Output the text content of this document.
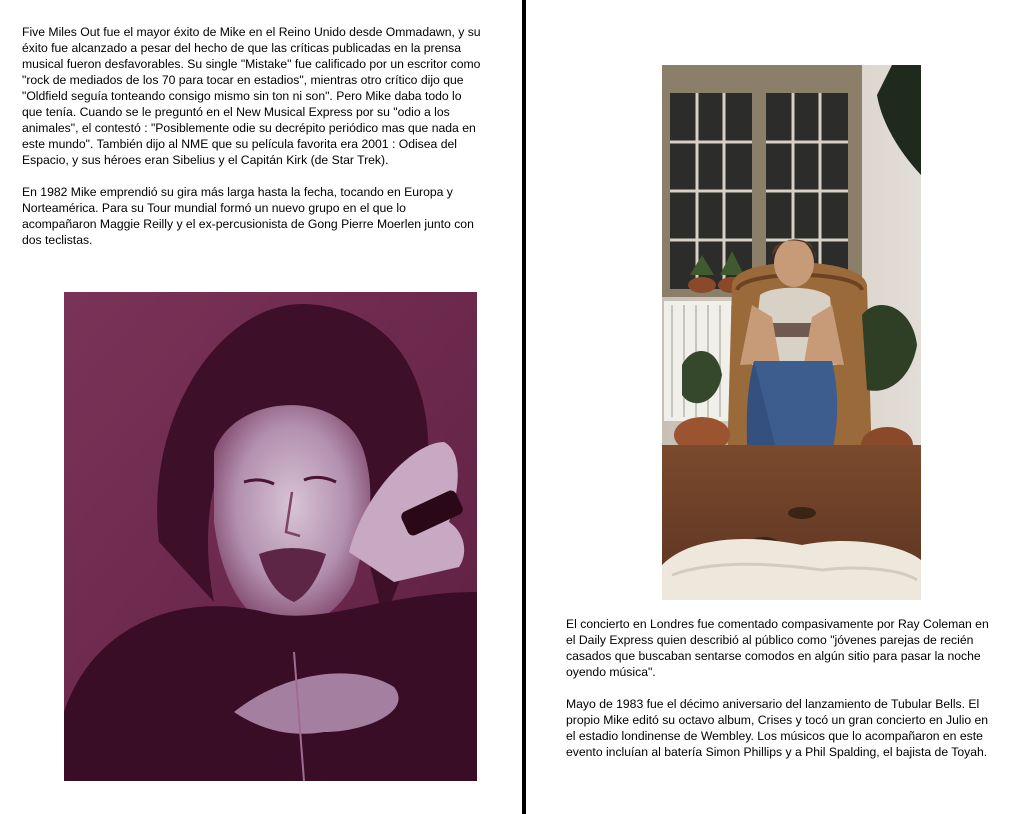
Five Miles Out fue el mayor éxito de Mike en el Reino Unido desde Ommadawn, y su éxito fue alcanzado a pesar del hecho de que las críticas publicadas en la prensa musical fueron desfavorables. Su single "Mistake" fue calificado por un escritor como "rock de mediados de los 70 para tocar en estadios", mientras otro crítico dijo que "Oldfield seguía tonteando consigo mismo sin ton ni son". Pero Mike daba todo lo que tenía. Cuando se le preguntó en el New Musical Express por su "odio a los animales", el contestó : "Posiblemente odie su decrépito periódico mas que nada en este mundo". También dijo al NME que su película favorita era 2001 : Odisea del Espacio, y sus héroes eran Sibelius y el Capitán Kirk (de Star Trek).

En 1982 Mike emprendió su gira más larga hasta la fecha, tocando en Europa y Norteamérica. Para su Tour mundial formó un nuevo grupo en el que lo acompañaron Maggie Reilly y el ex-percusionista de Gong Pierre Moerlen junto con dos teclistas.

El concierto en Londres fue comentado compasivamente por Ray Coleman en el Daily Express quien describió al público como "jóvenes parejas de recién casados que buscaban sentarse comodos en algún sitio para pasar la noche oyendo música".

Mayo de 1983 fue el décimo aniversario del lanzamiento de Tubular Bells. El propio Mike editó su octavo album, Crises y tocó un gran concierto en Julio en el estadio londinense de Wembley. Los músicos que lo acompañaron en este evento incluían al batería Simon Phillips y a Phil Spalding, el bajista de Toyah.
